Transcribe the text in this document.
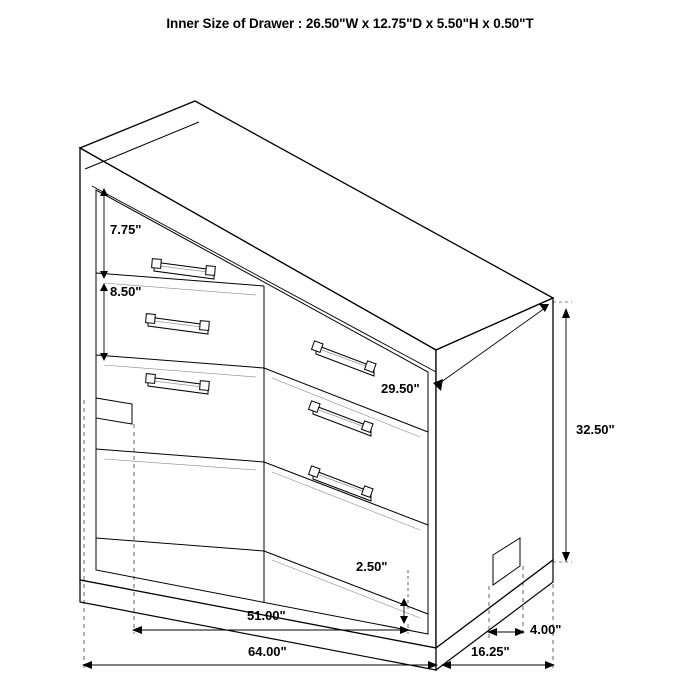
Inner Size of Drawer : 26.50"W x 12.75"D x 5.50"H x 0.50"T
7.75"
8.50"
29.50"
32.50"
2.50"
51.00"
64.00"	16.25"
4.00"
